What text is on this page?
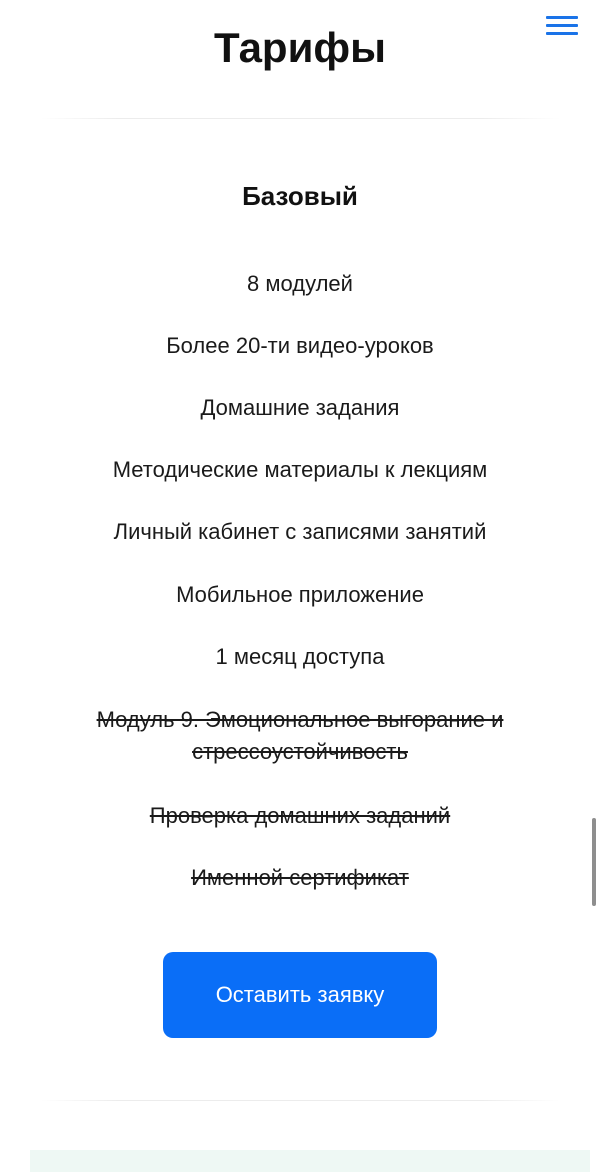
Тарифы
Базовый
8 модулей
Более 20-ти видео-уроков
Домашние задания
Методические материалы к лекциям
Личный кабинет с записями занятий
Мобильное приложение
1 месяц доступа
Модуль 9. Эмоциональное выгорание и стрессоустойчивость
Проверка домашних заданий
Именной сертификат
Оставить заявку
